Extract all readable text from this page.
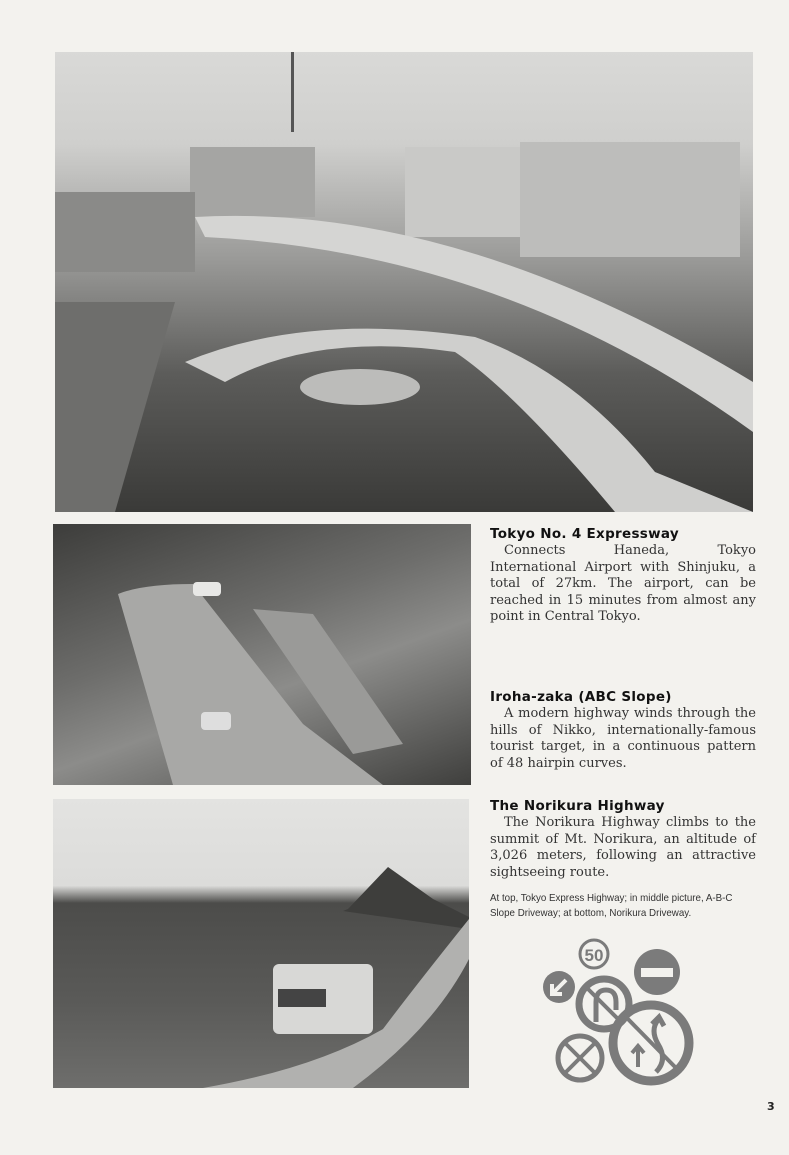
Tokyo No. 4 Expressway

Connects Haneda, Tokyo International Airport with Shinjuku, a total of 27km. The airport, can be reached in 15 minutes from almost any point in Central Tokyo.

Iroha-zaka (ABC Slope)

A modern highway winds through the hills of Nikko, internationally-famous tourist target, in a continuous pattern of 48 hairpin curves.

The Norikura Highway

The Norikura Highway climbs to the summit of Mt. Norikura, an altitude of 3,026 meters, following an attractive sightseeing route.

At top, Tokyo Express Highway; in middle picture, A-B-C Slope Driveway; at bottom, Norikura Driveway.

50
3
